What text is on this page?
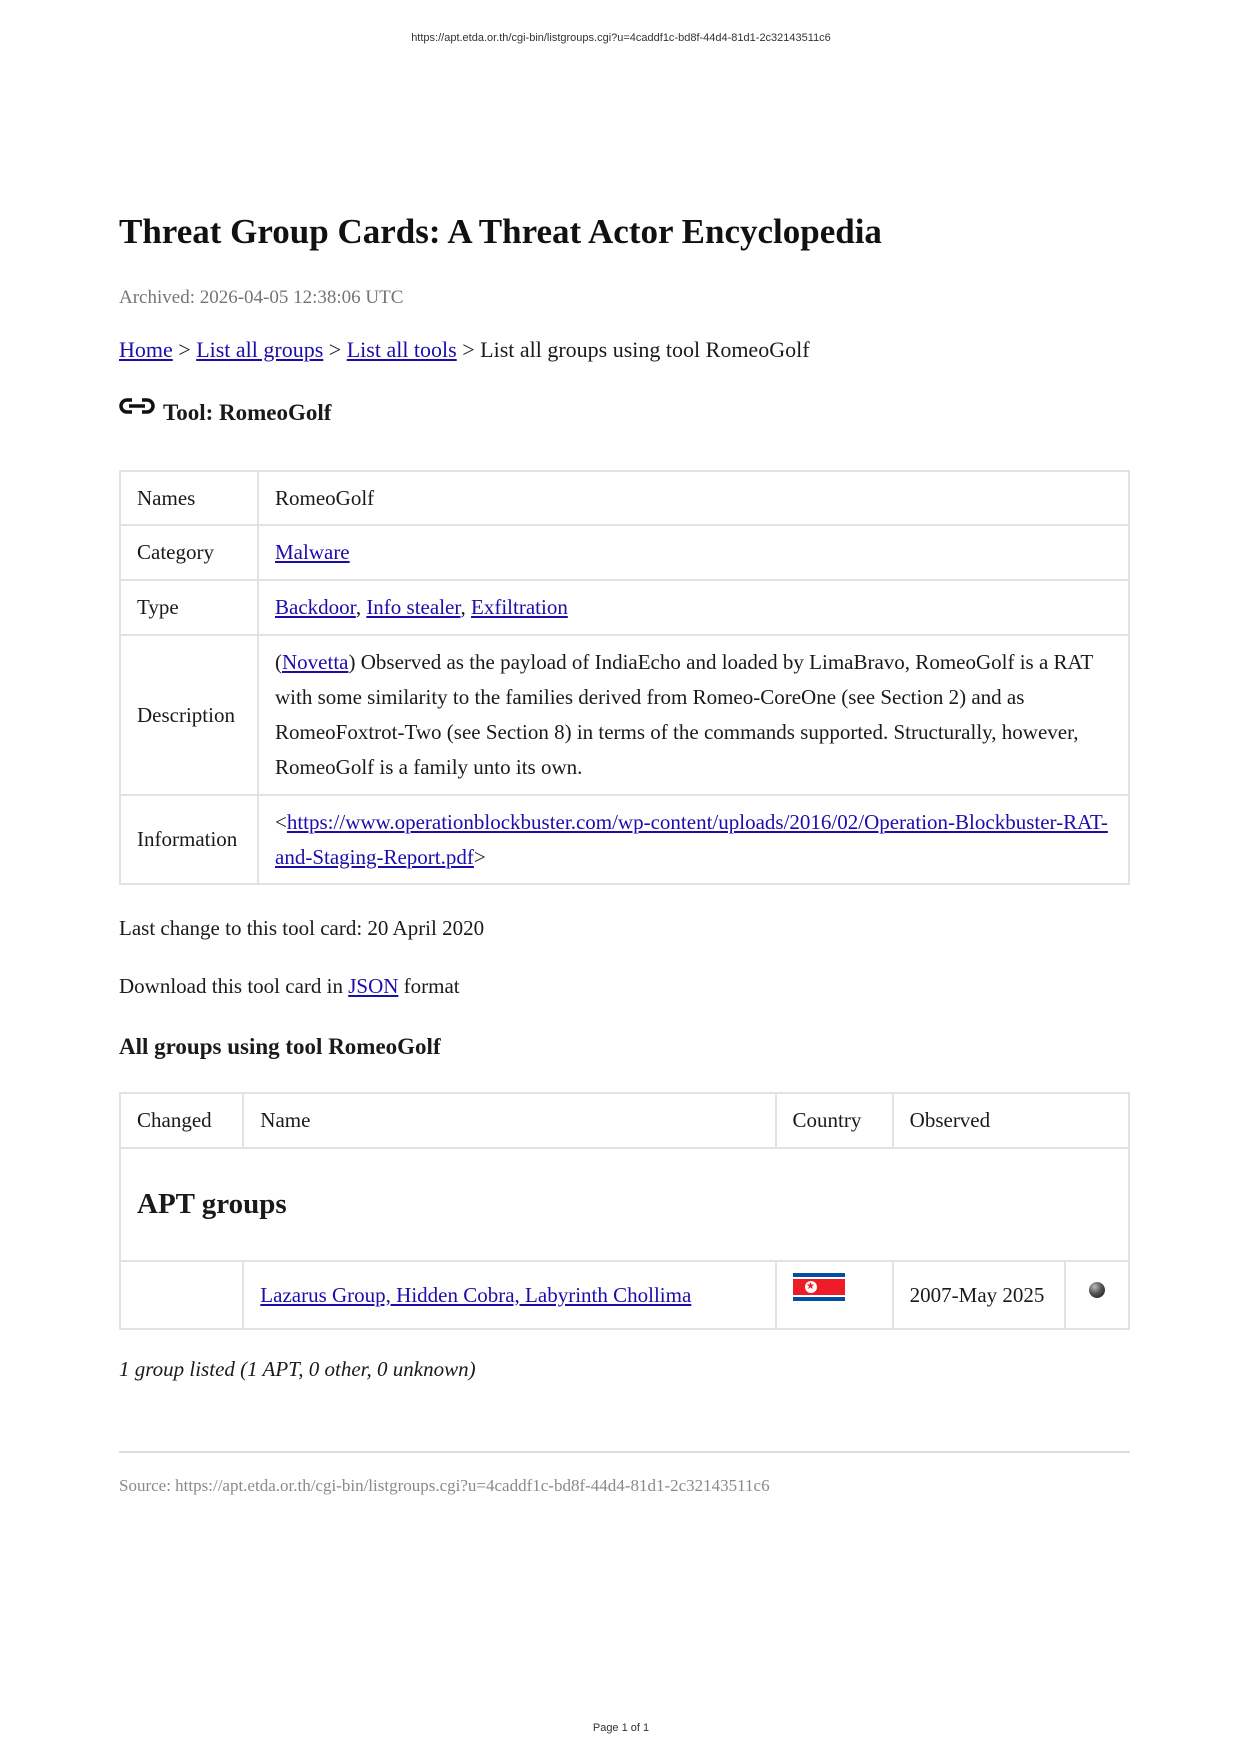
https://apt.etda.or.th/cgi-bin/listgroups.cgi?u=4caddf1c-bd8f-44d4-81d1-2c32143511c6
Threat Group Cards: A Threat Actor Encyclopedia
Archived: 2026-04-05 12:38:06 UTC
Home > List all groups > List all tools > List all groups using tool RomeoGolf
Tool: RomeoGolf
Names	RomeoGolf
Category	Malware
Type	Backdoor, Info stealer, Exfiltration
Description	(Novetta) Observed as the payload of IndiaEcho and loaded by LimaBravo, RomeoGolf is a RAT with some similarity to the families derived from Romeo-CoreOne (see Section 2) and as RomeoFoxtrot-Two (see Section 8) in terms of the commands supported. Structurally, however, RomeoGolf is a family unto its own.
Information	<https://www.operationblockbuster.com/wp-content/uploads/2016/02/Operation-Blockbuster-RAT-and-Staging-Report.pdf>
Last change to this tool card: 20 April 2020
Download this tool card in JSON format
All groups using tool RomeoGolf
Changed	Name	Country	Observed	
APT groups				
	Lazarus Group, Hidden Cobra, Labyrinth Chollima	★	2007-May 2025	
1 group listed (1 APT, 0 other, 0 unknown)
Source: https://apt.etda.or.th/cgi-bin/listgroups.cgi?u=4caddf1c-bd8f-44d4-81d1-2c32143511c6
Page 1 of 1
